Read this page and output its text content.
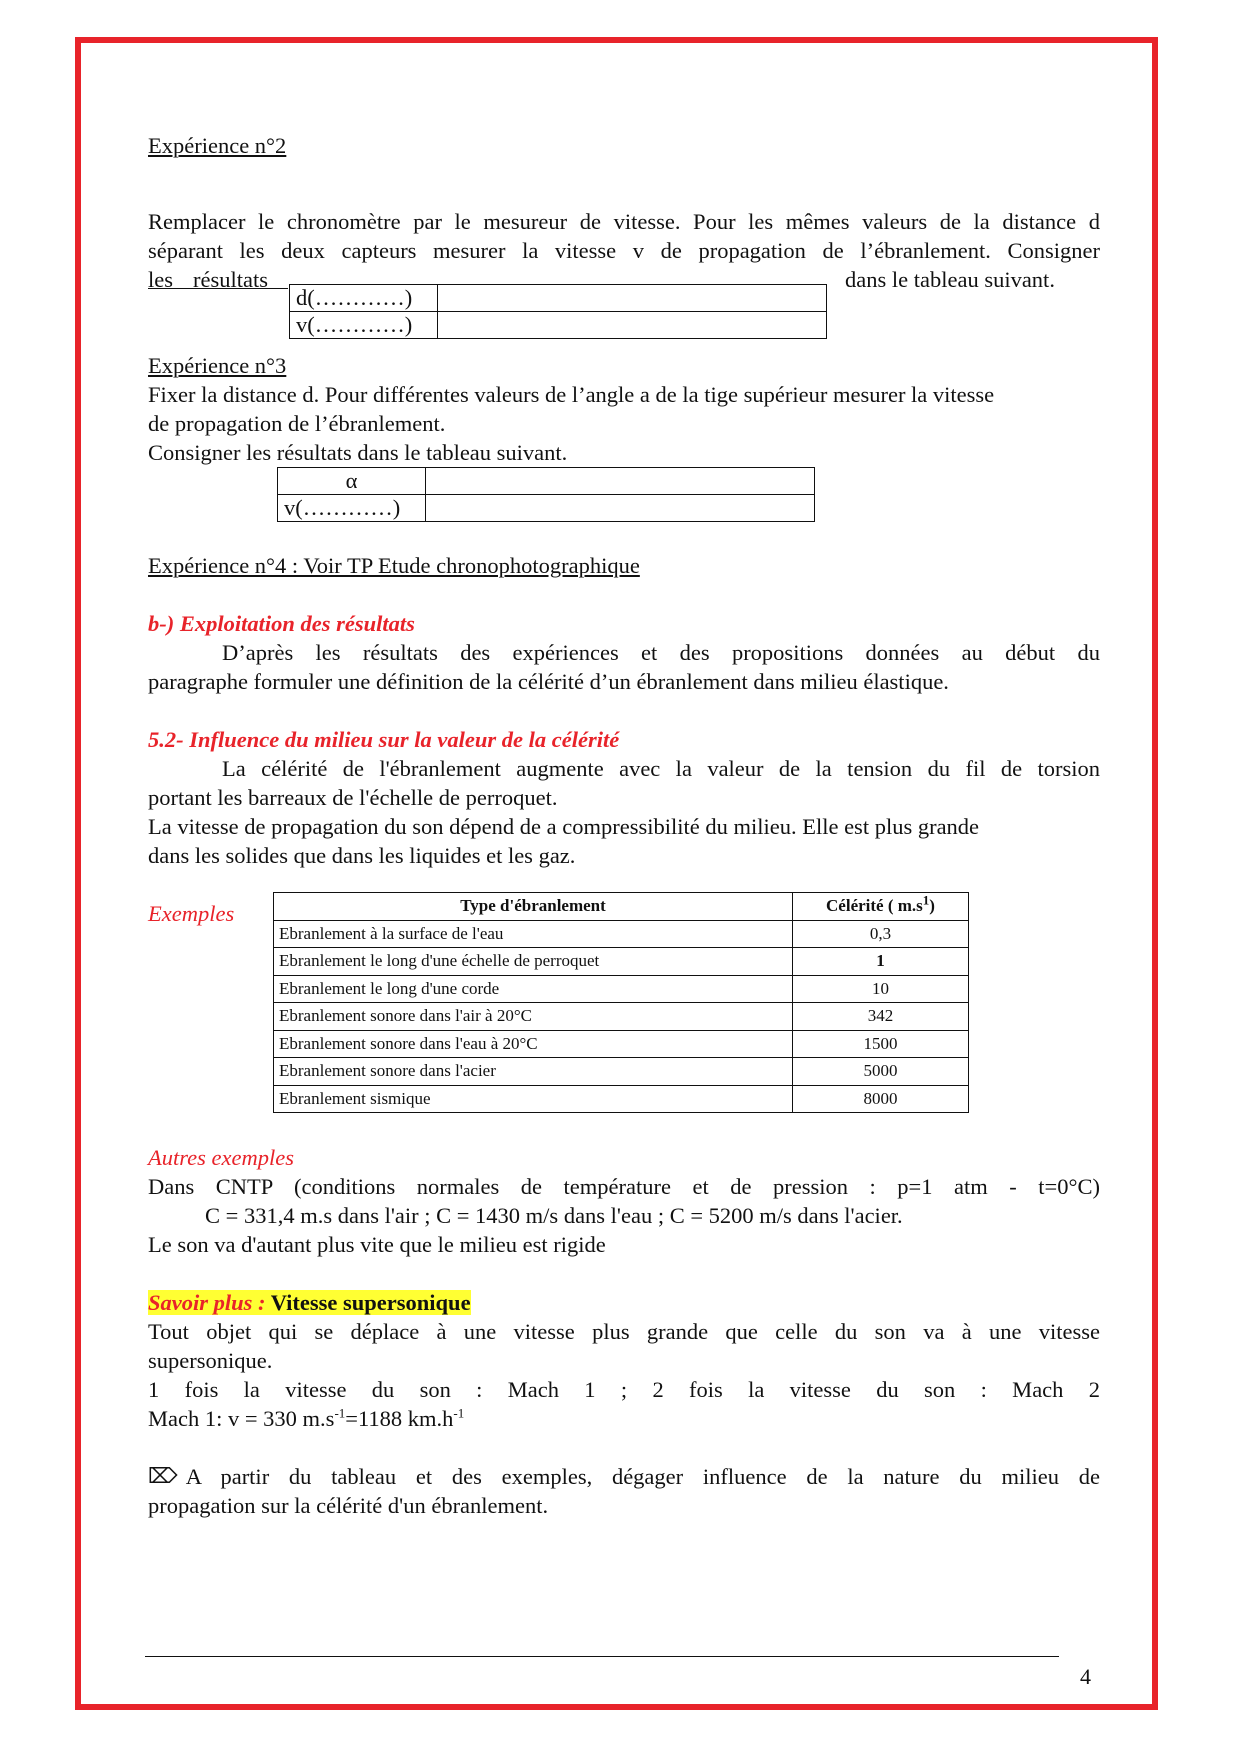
Expérience n°2
Remplacer le chronomètre par le mesureur de vitesse. Pour les mêmes valeurs de la distance d
séparant les deux capteurs mesurer la vitesse v de propagation de l’ébranlement. Consigner
les résultats	dans le tableau suivant.
d(…………)	
v(…………)	
Expérience n°3
Fixer la distance d. Pour différentes valeurs de l’angle a de la tige supérieur mesurer la vitesse
de propagation de l’ébranlement.
Consigner les résultats dans le tableau suivant.
α	
v(…………)	
Expérience n°4 : Voir TP Etude chronophotographique
b-) Exploitation des résultats
D’après les résultats des expériences et des propositions données au début du
paragraphe formuler une définition de la célérité d’un ébranlement dans milieu élastique.
5.2- Influence du milieu sur la valeur de la célérité
La célérité de l'ébranlement augmente avec la valeur de la tension du fil de torsion
portant les barreaux de l'échelle de perroquet.
La vitesse de propagation du son dépend de a compressibilité du milieu. Elle est plus grande
dans les solides que dans les liquides et les gaz.
Exemples	Type d'ébranlement	Célérité ( $m.s^1$)
Ebranlement à la surface de l'eau	0,3
Ebranlement le long d'une échelle de perroquet	1
Ebranlement le long d'une corde	10
Ebranlement sonore dans l'air à 20°C	342
Ebranlement sonore dans l'eau à 20°C	1500
Ebranlement sonore dans l'acier	5000
Ebranlement sismique	8000
Autres exemples
Dans CNTP (conditions normales de température et de pression : p=1 atm - t=0°C)
C = 331,4 m.s dans l'air ; C = 1430 m/s dans l'eau ; C = 5200 m/s dans l'acier.
Le son va d'autant plus vite que le milieu est rigide
Savoir plus : Vitesse supersonique
Tout objet qui se déplace à une vitesse plus grande que celle du son va à une vitesse
supersonique.
1 fois la vitesse du son : Mach 1 ; 2 fois la vitesse du son : Mach 2
Mach 1: v = 330 $m.s^{-1}=1188$ $km.h^{-1}$
⌦ A partir du tableau et des exemples, dégager influence de la nature du milieu de
propagation sur la célérité d'un ébranlement.
4
